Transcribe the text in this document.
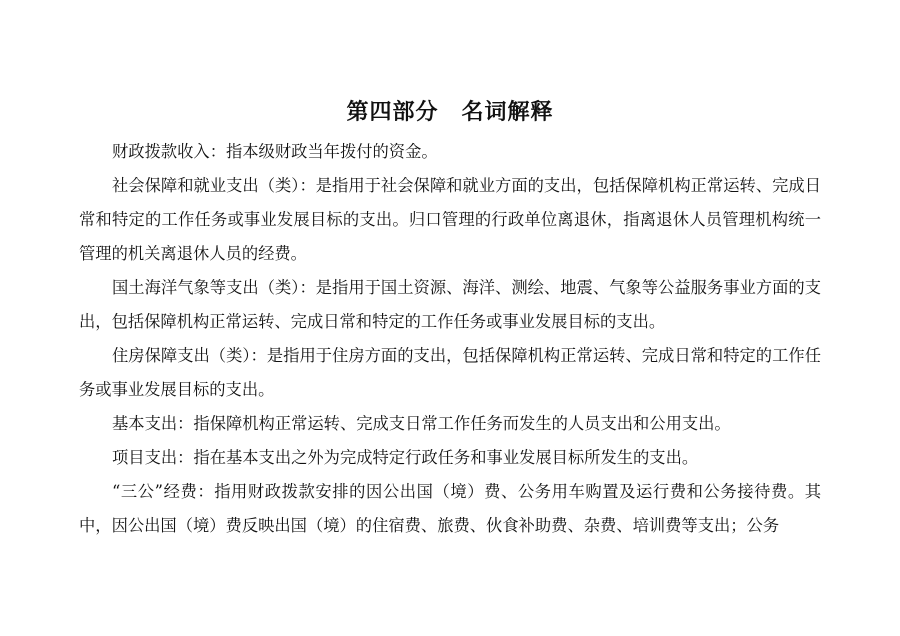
第四部分　名词解释

财政拨款收入：指本级财政当年拨付的资金。

社会保障和就业支出（类）：是指用于社会保障和就业方面的支出，包括保障机构正常运转、完成日常和特定的工作任务或事业发展目标的支出。归口管理的行政单位离退休，指离退休人员管理机构统一管理的机关离退休人员的经费。

国土海洋气象等支出（类）：是指用于国土资源、海洋、测绘、地震、气象等公益服务事业方面的支出，包括保障机构正常运转、完成日常和特定的工作任务或事业发展目标的支出。

住房保障支出（类）：是指用于住房方面的支出，包括保障机构正常运转、完成日常和特定的工作任务或事业发展目标的支出。

基本支出：指保障机构正常运转、完成支日常工作任务而发生的人员支出和公用支出。

项目支出：指在基本支出之外为完成特定行政任务和事业发展目标所发生的支出。

“三公”经费：指用财政拨款安排的因公出国（境）费、公务用车购置及运行费和公务接待费。其中，因公出国（境）费反映出国（境）的住宿费、旅费、伙食补助费、杂费、培训费等支出；公务
